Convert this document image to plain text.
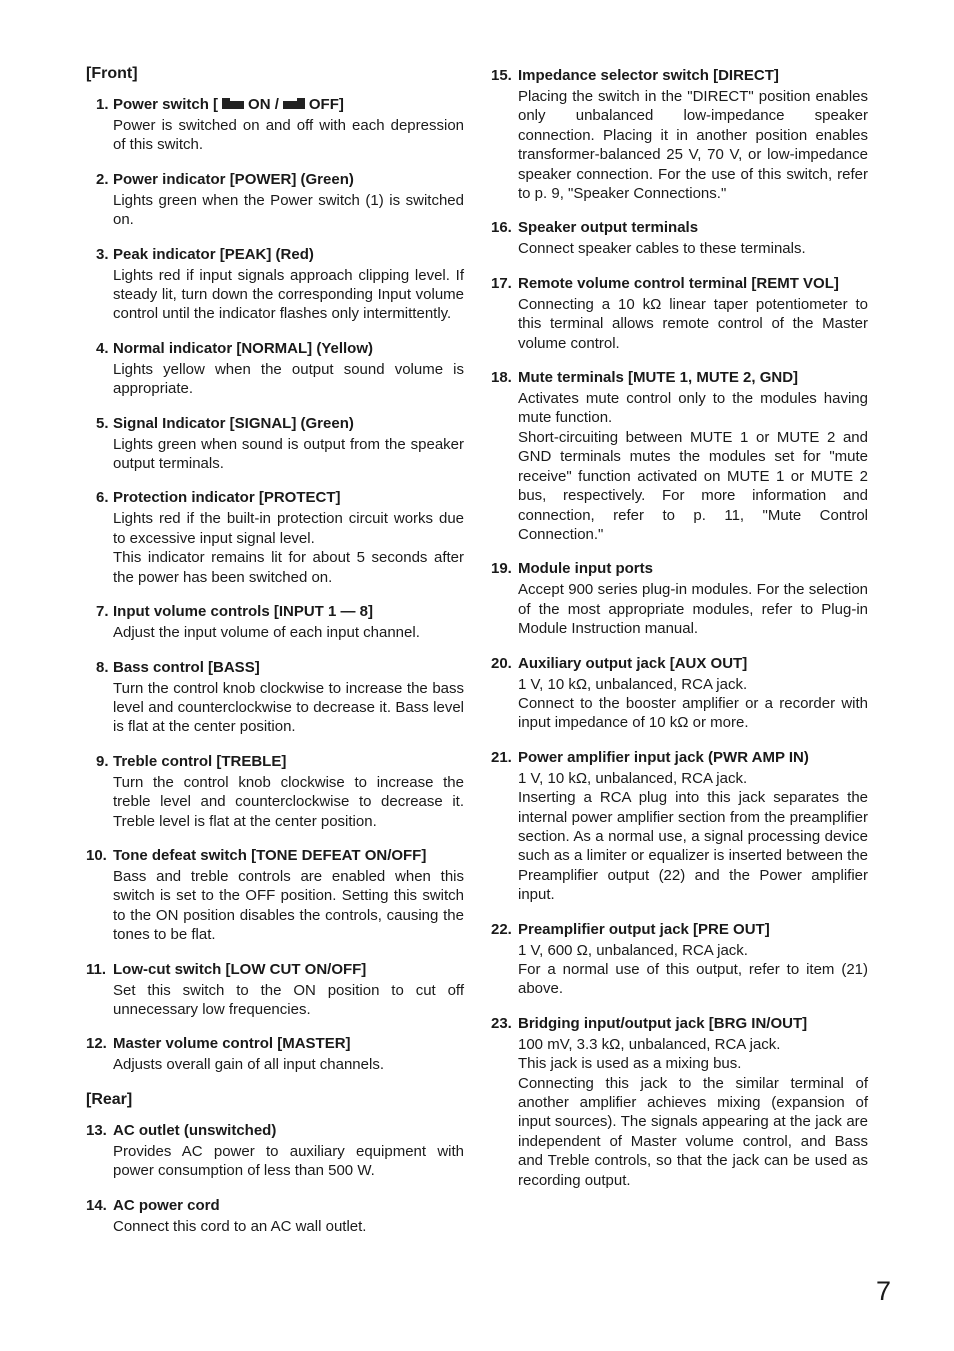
[Front]
1. Power switch [ ON / OFF]

Power is switched on and off with each depression of this switch.

2. Power indicator [POWER] (Green)

Lights green when the Power switch (1) is switched on.

3. Peak indicator [PEAK] (Red)

Lights red if input signals approach clipping level. If steady lit, turn down the corresponding Input volume control until the indicator flashes only intermittently.

4. Normal indicator [NORMAL] (Yellow)

Lights yellow when the output sound volume is appropriate.

5. Signal Indicator [SIGNAL] (Green)

Lights green when sound is output from the speaker output terminals.

6. Protection indicator [PROTECT]

Lights red if the built-in protection circuit works due to excessive input signal level.

This indicator remains lit for about 5 seconds after the power has been switched on.

7. Input volume controls [INPUT 1 — 8]

Adjust the input volume of each input channel.

8. Bass control [BASS]

Turn the control knob clockwise to increase the bass level and counterclockwise to decrease it. Bass level is flat at the center position.

9. Treble control [TREBLE]

Turn the control knob clockwise to increase the treble level and counterclockwise to decrease it. Treble level is flat at the center position.

10. Tone defeat switch [TONE DEFEAT ON/OFF]

Bass and treble controls are enabled when this switch is set to the OFF position. Setting this switch to the ON position disables the controls, causing the tones to be flat.

11. Low-cut switch [LOW CUT ON/OFF]

Set this switch to the ON position to cut off unnecessary low frequencies.

12. Master volume control [MASTER]

Adjusts overall gain of all input channels.

[Rear]
13. AC outlet (unswitched)

Provides AC power to auxiliary equipment with power consumption of less than 500 W.

14. AC power cord

Connect this cord to an AC wall outlet.

15. Impedance selector switch [DIRECT]

Placing the switch in the "DIRECT" position enables only unbalanced low-impedance speaker connection. Placing it in another position enables transformer-balanced 25 V, 70 V, or low-impedance speaker connection. For the use of this switch, refer to p. 9, "Speaker Connections."

16. Speaker output terminals

Connect speaker cables to these terminals.

17. Remote volume control terminal [REMT VOL]

Connecting a 10 kΩ linear taper potentiometer to this terminal allows remote control of the Master volume control.

18. Mute terminals [MUTE 1, MUTE 2, GND]

Activates mute control only to the modules having mute function.

Short-circuiting between MUTE 1 or MUTE 2 and GND terminals mutes the modules set for "mute receive" function activated on MUTE 1 or MUTE 2 bus, respectively. For more information and connection, refer to p. 11, "Mute Control Connection."

19. Module input ports

Accept 900 series plug-in modules. For the selection of the most appropriate modules, refer to Plug-in Module Instruction manual.

20. Auxiliary output jack [AUX OUT]

1 V, 10 kΩ, unbalanced, RCA jack.

Connect to the booster amplifier or a recorder with input impedance of 10 kΩ or more.

21. Power amplifier input jack (PWR AMP IN)

1 V, 10 kΩ, unbalanced, RCA jack.

Inserting a RCA plug into this jack separates the internal power amplifier section from the preamplifier section. As a normal use, a signal processing device such as a limiter or equalizer is inserted between the Preamplifier output (22) and the Power amplifier input.

22. Preamplifier output jack [PRE OUT]

1 V, 600 Ω, unbalanced, RCA jack.

For a normal use of this output, refer to item (21) above.

23. Bridging input/output jack [BRG IN/OUT]

100 mV, 3.3 kΩ, unbalanced, RCA jack.

This jack is used as a mixing bus.

Connecting this jack to the similar terminal of another amplifier achieves mixing (expansion of input sources). The signals appearing at the jack are independent of Master volume control, and Bass and Treble controls, so that the jack can be used as recording output.

7
